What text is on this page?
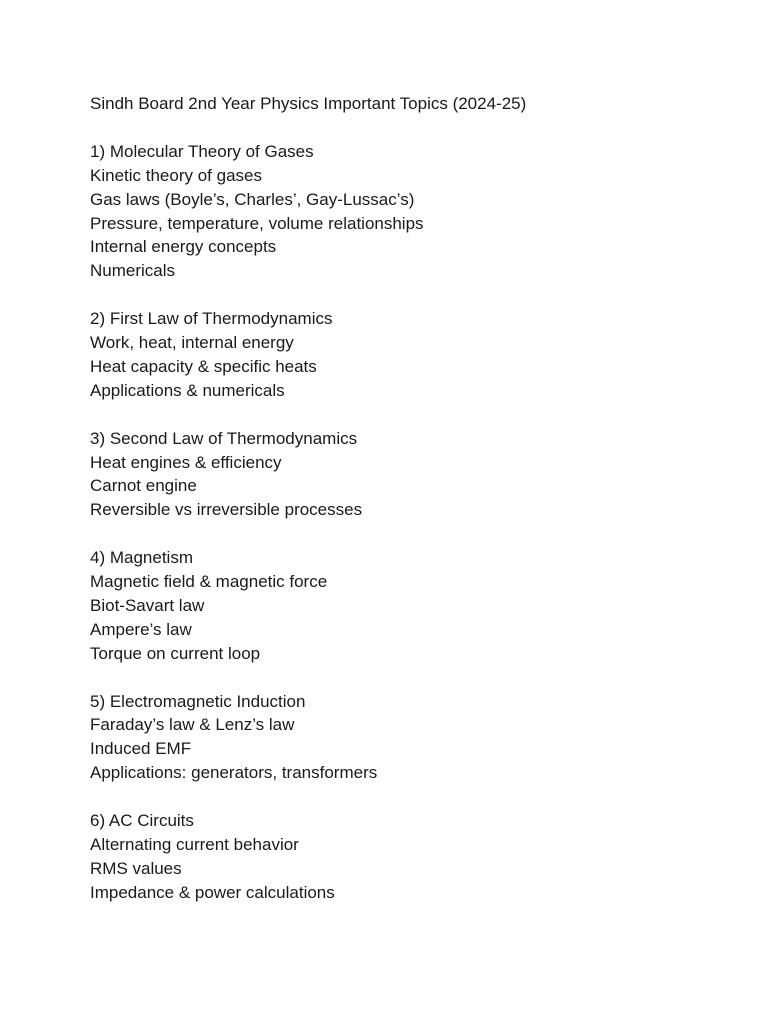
Sindh Board 2nd Year Physics Important Topics (2024-25)
1) Molecular Theory of Gases
Kinetic theory of gases
Gas laws (Boyle’s, Charles’, Gay-Lussac’s)
Pressure, temperature, volume relationships
Internal energy concepts
Numericals
2) First Law of Thermodynamics
Work, heat, internal energy
Heat capacity & specific heats
Applications & numericals
3) Second Law of Thermodynamics
Heat engines & efficiency
Carnot engine
Reversible vs irreversible processes
4) Magnetism
Magnetic field & magnetic force
Biot-Savart law
Ampere’s law
Torque on current loop
5) Electromagnetic Induction
Faraday’s law & Lenz’s law
Induced EMF
Applications: generators, transformers
6) AC Circuits
Alternating current behavior
RMS values
Impedance & power calculations
